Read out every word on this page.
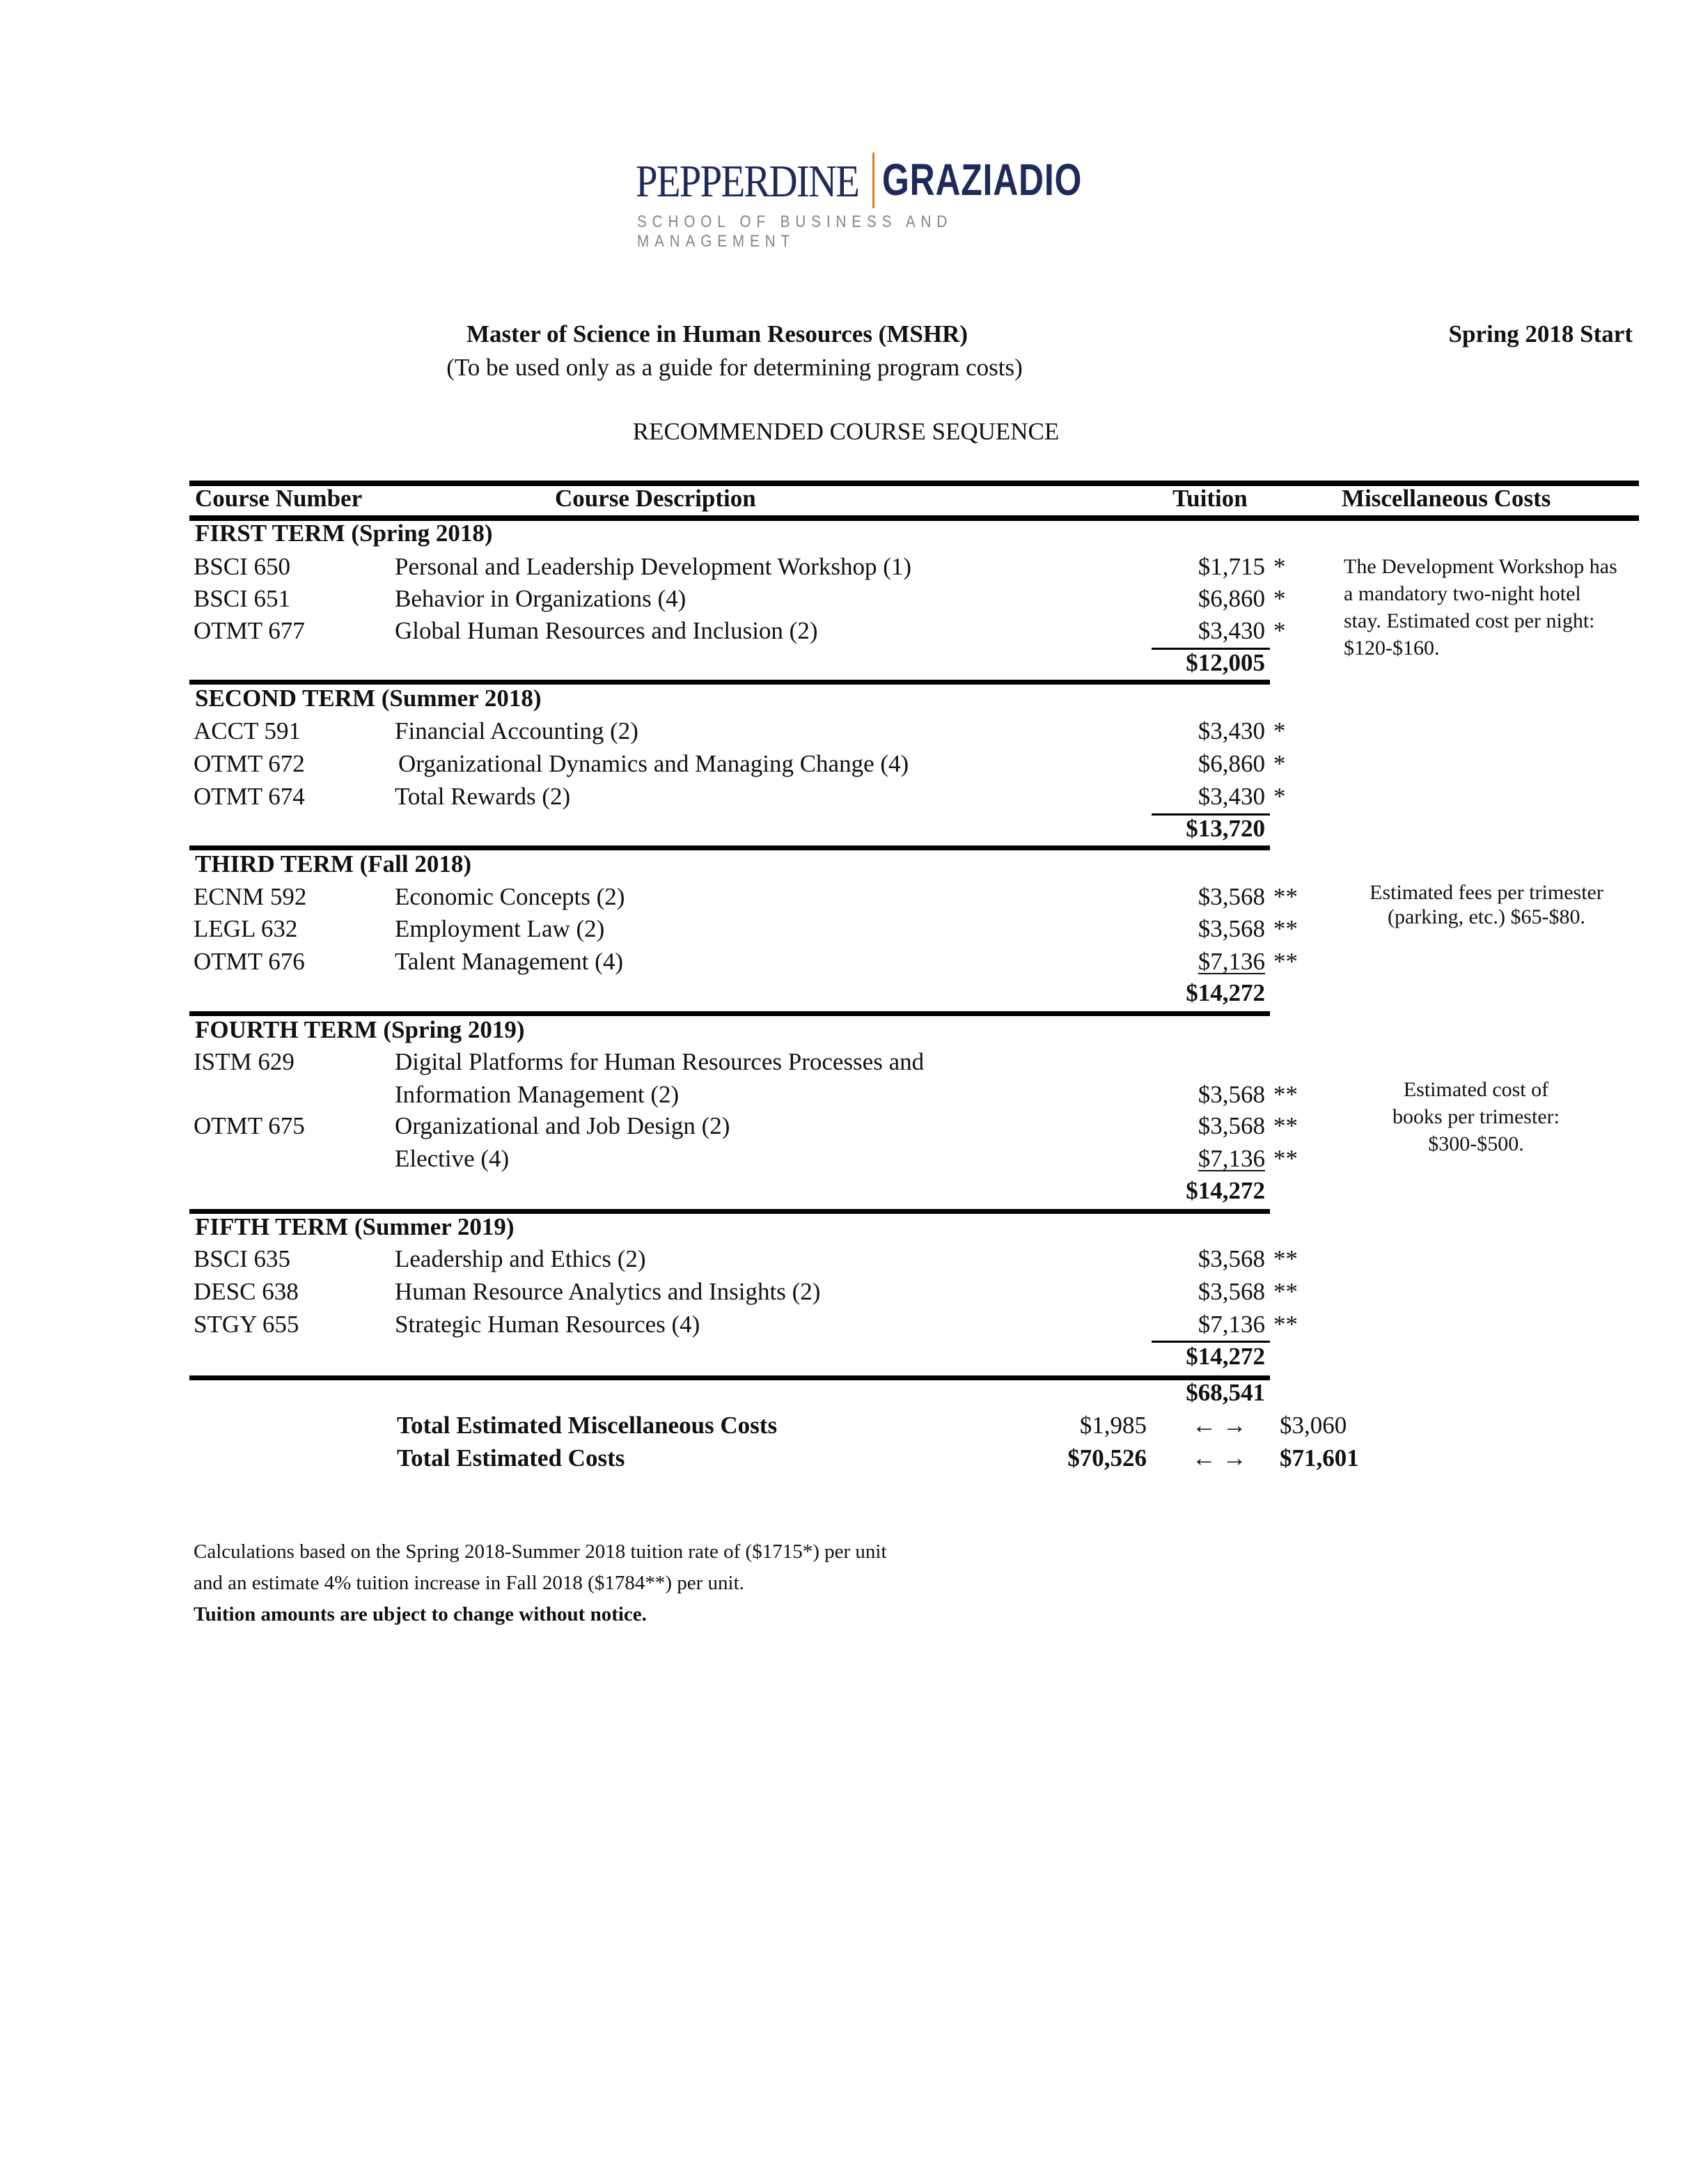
PEPPERDINE GRAZIADIO
SCHOOL OF BUSINESS AND MANAGEMENT
Master of Science in Human Resources (MSHR)	Spring 2018 Start
(To be used only as a guide for determining program costs)
RECOMMENDED COURSE SEQUENCE
Course Number	Course Description	Tuition	Miscellaneous Costs
FIRST TERM (Spring 2018)
BSCI 650	Personal and Leadership Development Workshop (1)	$1,715 *
BSCI 651	Behavior in Organizations (4)	$6,860 *
OTMT 677	Global Human Resources and Inclusion (2)	$3,430 *
$12,005
The Development Workshop has a mandatory two-night hotel stay. Estimated cost per night: $120-$160.
SECOND TERM (Summer 2018)
ACCT 591	Financial Accounting (2)	$3,430 *
OTMT 672	Organizational Dynamics and Managing Change (4)	$6,860 *
OTMT 674	Total Rewards (2)	$3,430 *
$13,720
THIRD TERM (Fall 2018)
ECNM 592	Economic Concepts (2)	$3,568 **
LEGL 632	Employment Law (2)	$3,568 **
OTMT 676	Talent Management (4)	$7,136 **
$14,272
Estimated fees per trimester
(parking, etc.) $65-$80.
FOURTH TERM (Spring 2019)
ISTM 629	Digital Platforms for Human Resources Processes and
Information Management (2)	$3,568 **
OTMT 675	Organizational and Job Design (2)	$3,568 **
Elective (4)	$7,136 **
$14,272
Estimated cost of
books per trimester:
$300-$500.
FIFTH TERM (Summer 2019)
BSCI 635	Leadership and Ethics (2)	$3,568 **
DESC 638	Human Resource Analytics and Insights (2)	$3,568 **
STGY 655	Strategic Human Resources (4)	$7,136 **
$14,272
$68,541
Total Estimated Miscellaneous Costs	$1,985 ← → $3,060
Total Estimated Costs	$70,526 ← → $71,601
Calculations based on the Spring 2018-Summer 2018 tuition rate of ($1715*) per unit
and an estimate 4% tuition increase in Fall 2018 ($1784**) per unit.
Tuition amounts are ubject to change without notice.
